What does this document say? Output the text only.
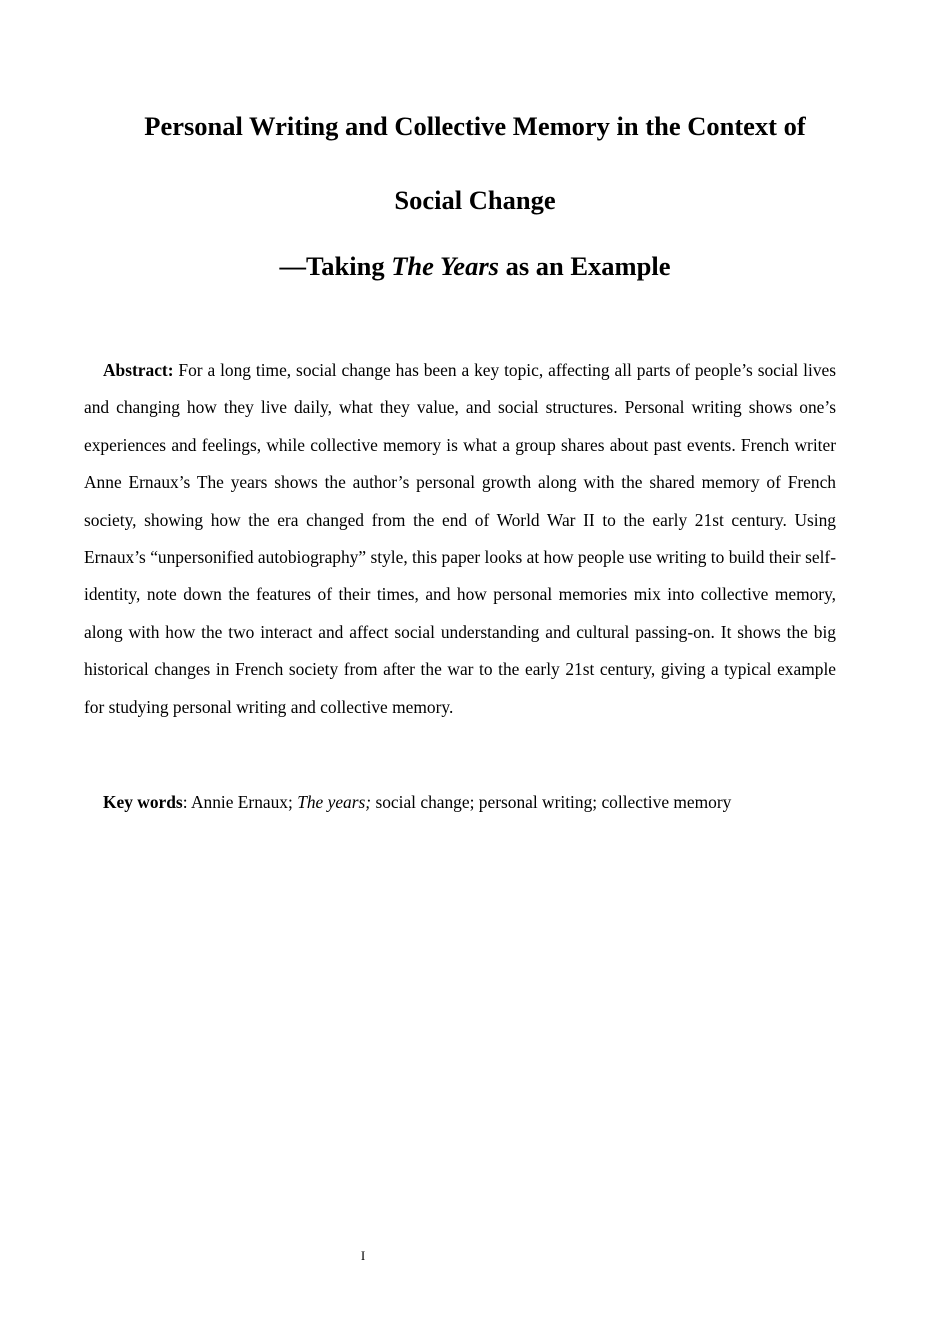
Personal Writing and Collective Memory in the Context of
Social Change
—Taking The Years as an Example

Abstract: For a long time, social change has been a key topic, affecting all parts of people’s social lives and changing how they live daily, what they value, and social structures. Personal writing shows one’s experiences and feelings, while collective memory is what a group shares about past events. French writer Anne Ernaux’s The years shows the author’s personal growth along with the shared memory of French society, showing how the era changed from the end of World War II to the early 21st century. Using Ernaux’s “unpersonified autobiography” style, this paper looks at how people use writing to build their self-identity, note down the features of their times, and how personal memories mix into collective memory, along with how the two interact and affect social understanding and cultural passing-on. It shows the big historical changes in French society from after the war to the early 21st century, giving a typical example for studying personal writing and collective memory.

Key words: Annie Ernaux; The years; social change; personal writing; collective memory

I
